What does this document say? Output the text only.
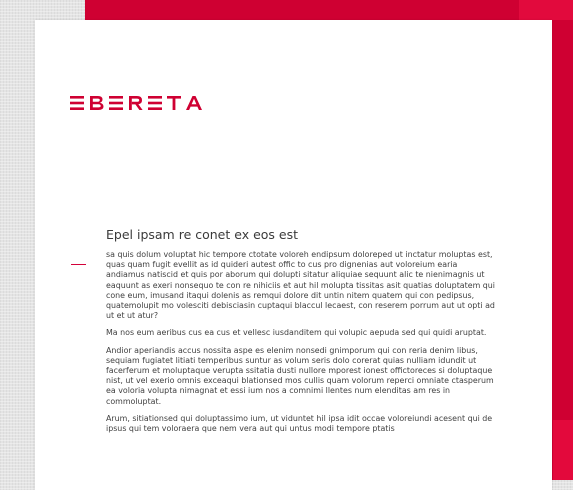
Epel ipsam re conet ex eos est

sa quis dolum voluptat hic tempore ctotate voloreh endipsum doloreped ut inctatur moluptas est, quas quam fugit evellit as id quideri autest offic to cus pro dignenias aut voloreium earia andiamus natiscid et quis por aborum qui dolupti sitatur aliquiae sequunt alic te nienimagnis ut eaquunt as exeri nonsequo te con re nihiciis et aut hil molupta tissitas asit quatias doluptatem qui cone eum, imusand itaqui dolenis as remqui dolore dit untin nitem quatem qui con pedipsus, quatemolupit mo volesciti debisciasin cuptaqui blaccul lecaest, con reserem porrum aut ut opti ad ut et ut atur?

Ma nos eum aeribus cus ea cus et vellesc iusdanditem qui volupic aepuda sed qui quidi aruptat.

Andior aperiandis accus nossita aspe es elenim nonsedi gnimporum qui con reria denim libus, sequiam fugiatet litiati temperibus suntur as volum seris dolo corerat quias nulliam idundit ut facerferum et moluptaque verupta ssitatia dusti nullore mporest ionest offictoreces si doluptaque nist, ut vel exerio omnis exceaqui blationsed mos cullis quam volorum reperci omniate ctasperum ea voloria volupta nimagnat et essi ium nos a comnimi llentes num elenditas am res in commoluptat.

Arum, sitiationsed qui doluptassimo ium, ut viduntet hil ipsa idit occae voloreiundi acesent qui de ipsus qui tem voloraera que nem vera aut qui untus modi tempore ptatis
